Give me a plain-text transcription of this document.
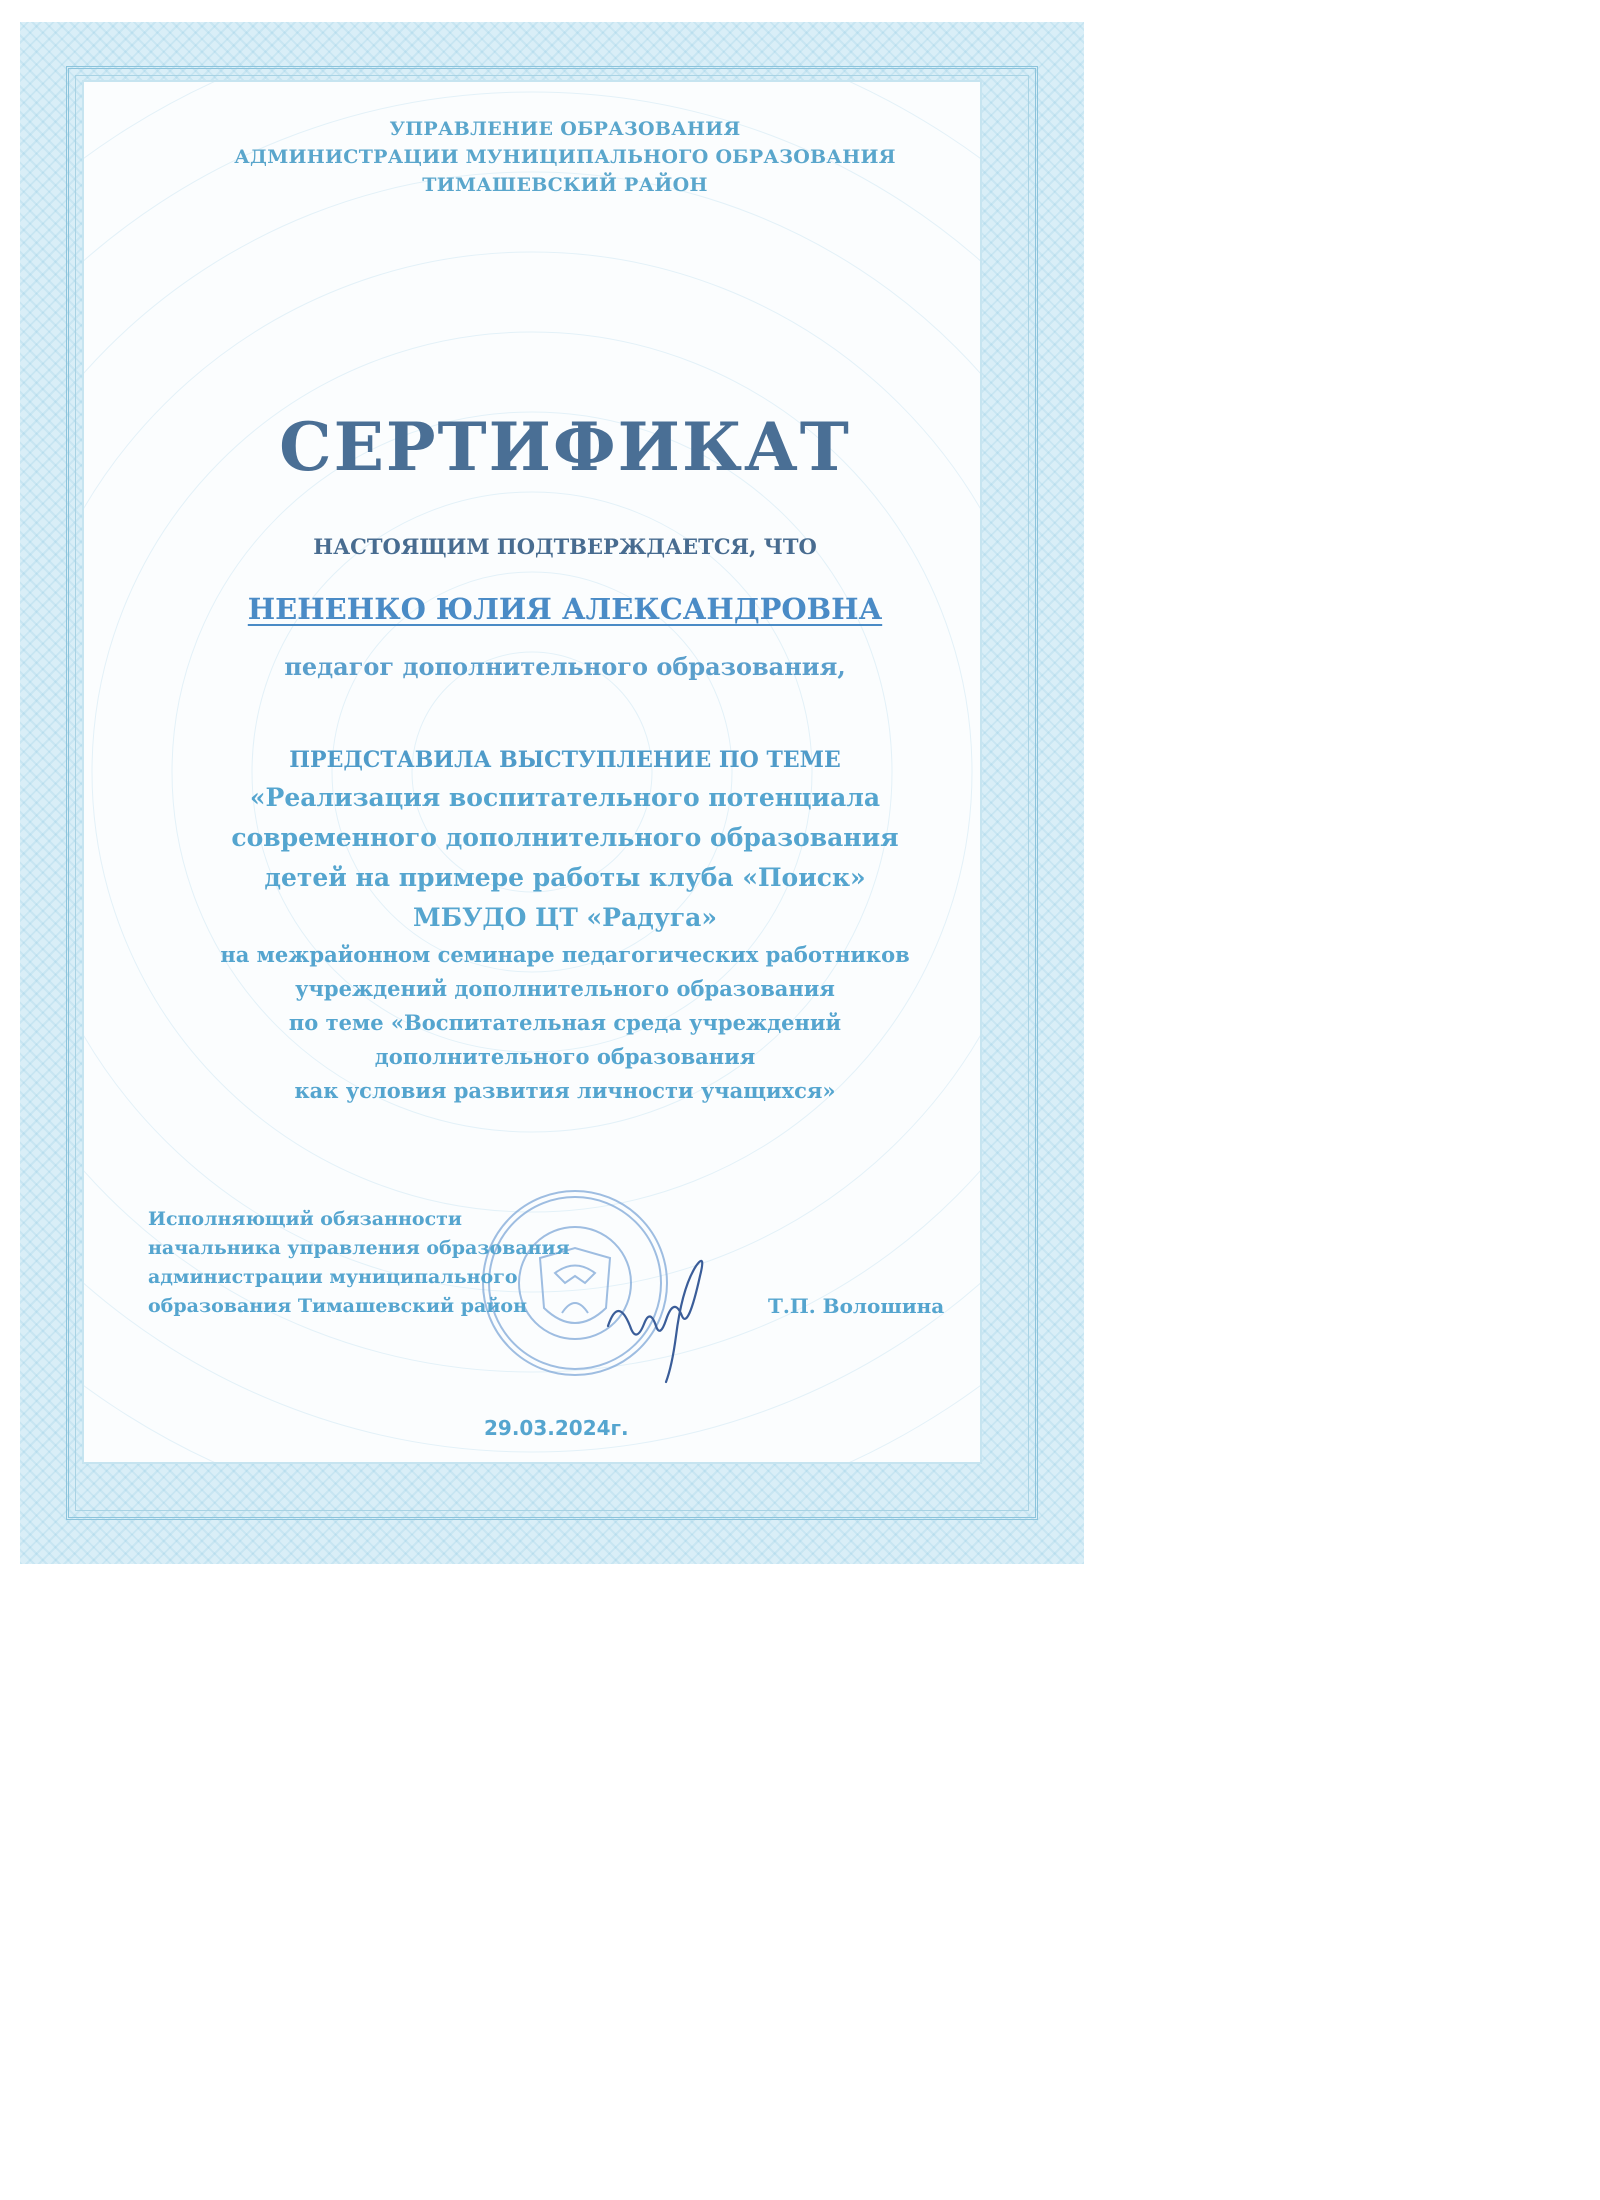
УПРАВЛЕНИЕ ОБРАЗОВАНИЯ
АДМИНИСТРАЦИИ МУНИЦИПАЛЬНОГО ОБРАЗОВАНИЯ
ТИМАШЕВСКИЙ РАЙОН
СЕРТИФИКАТ
НАСТОЯЩИМ ПОДТВЕРЖДАЕТСЯ, ЧТО
НЕНЕНКО ЮЛИЯ АЛЕКСАНДРОВНА
педагог дополнительного образования,
ПРЕДСТАВИЛА ВЫСТУПЛЕНИЕ ПО ТЕМЕ
«Реализация воспитательного потенциала
современного дополнительного образования
детей на примере работы клуба «Поиск»
МБУДО ЦТ «Радуга»
на межрайонном семинаре педагогических работников
учреждений дополнительного образования
по теме «Воспитательная среда учреждений
дополнительного образования
как условия развития личности учащихся»
Исполняющий обязанности
начальника управления образования
администрации муниципального
образования Тимашевский район	Т.П. Волошина
29.03.2024г.
